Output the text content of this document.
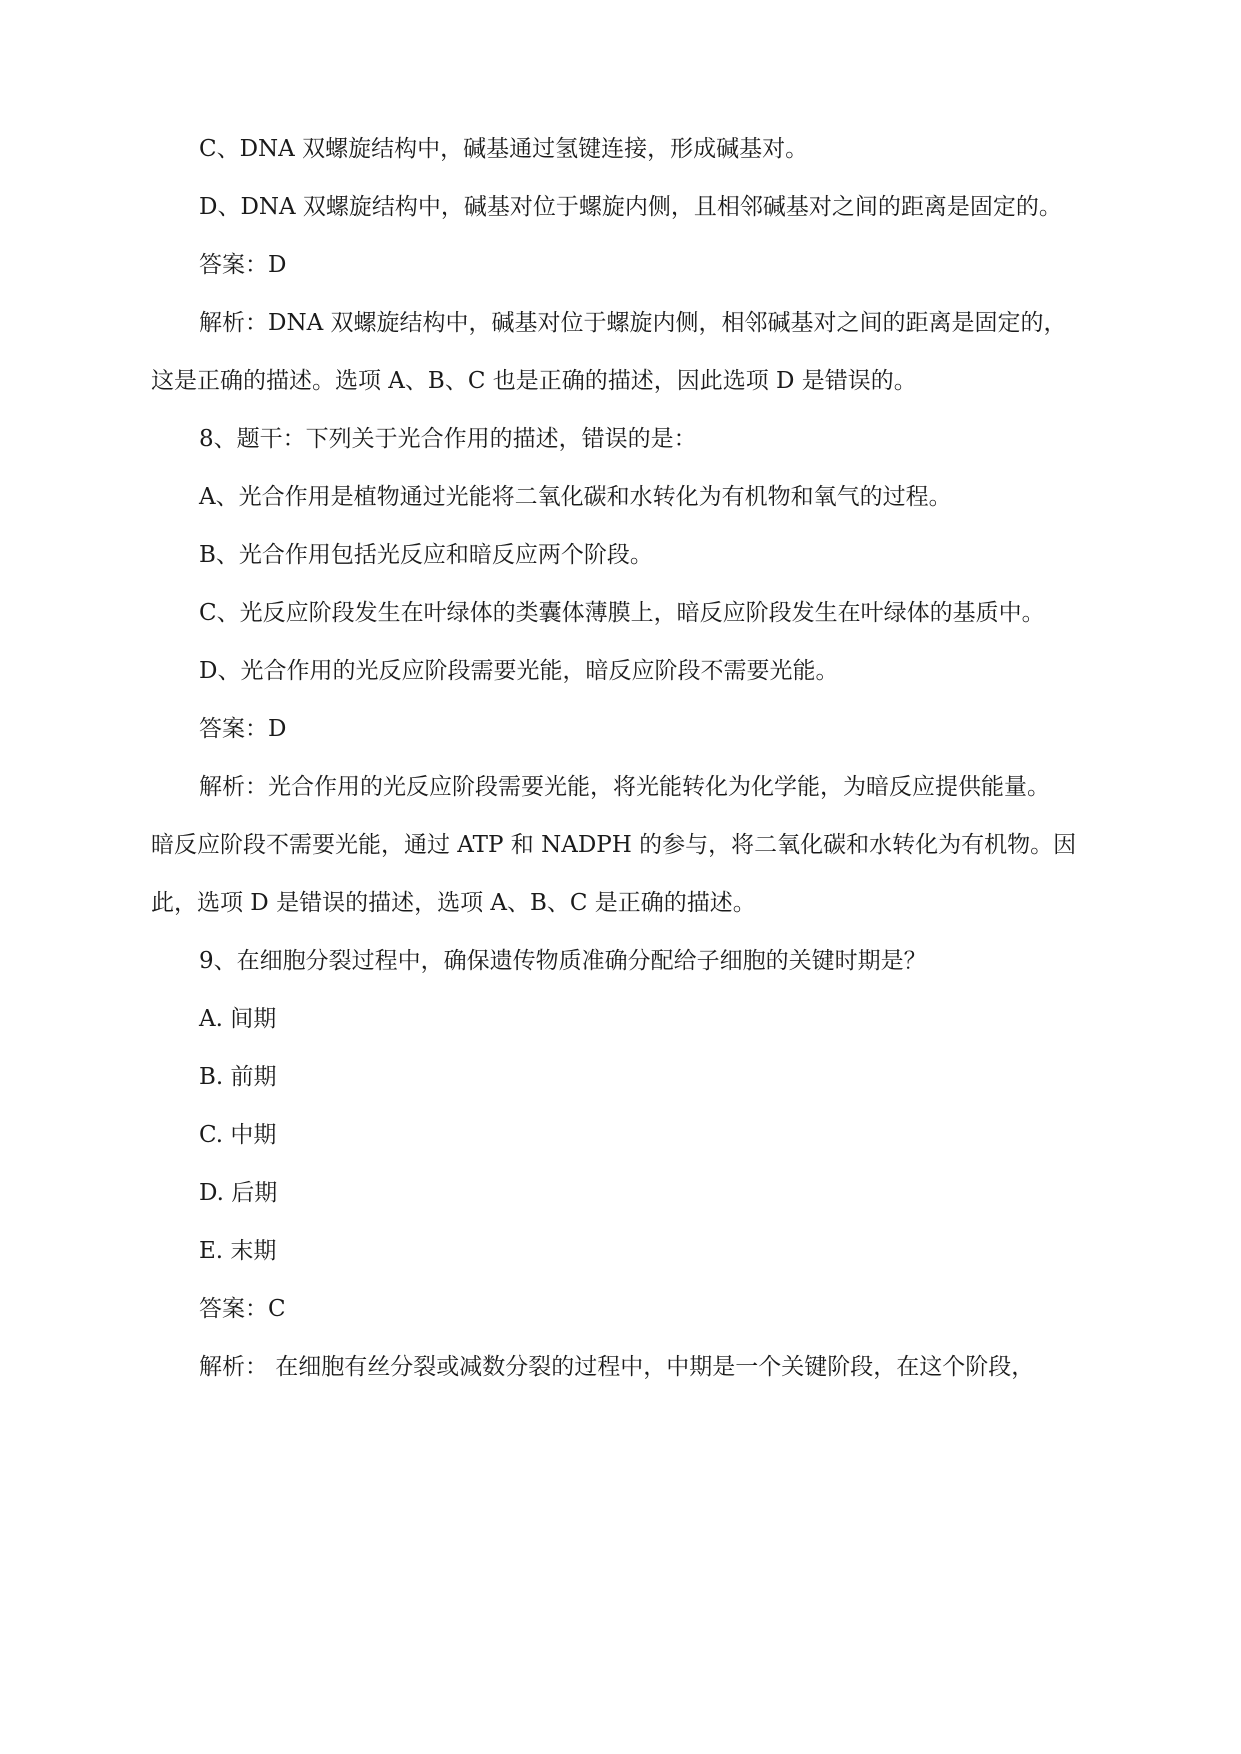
C、DNA 双螺旋结构中，碱基通过氢键连接，形成碱基对。

D、DNA 双螺旋结构中，碱基对位于螺旋内侧，且相邻碱基对之间的距离是固定的。

答案：D

解析：DNA 双螺旋结构中，碱基对位于螺旋内侧，相邻碱基对之间的距离是固定的，

这是正确的描述。选项 A、B、C 也是正确的描述，因此选项 D 是错误的。

8、题干：下列关于光合作用的描述，错误的是：

A、光合作用是植物通过光能将二氧化碳和水转化为有机物和氧气的过程。

B、光合作用包括光反应和暗反应两个阶段。

C、光反应阶段发生在叶绿体的类囊体薄膜上，暗反应阶段发生在叶绿体的基质中。

D、光合作用的光反应阶段需要光能，暗反应阶段不需要光能。

答案：D

解析：光合作用的光反应阶段需要光能，将光能转化为化学能，为暗反应提供能量。

暗反应阶段不需要光能，通过 ATP 和 NADPH 的参与，将二氧化碳和水转化为有机物。因

此，选项 D 是错误的描述，选项 A、B、C 是正确的描述。

9、在细胞分裂过程中，确保遗传物质准确分配给子细胞的关键时期是？

A. 间期

B. 前期

C. 中期

D. 后期

E. 末期

答案：C

解析： 在细胞有丝分裂或减数分裂的过程中，中期是一个关键阶段，在这个阶段，
